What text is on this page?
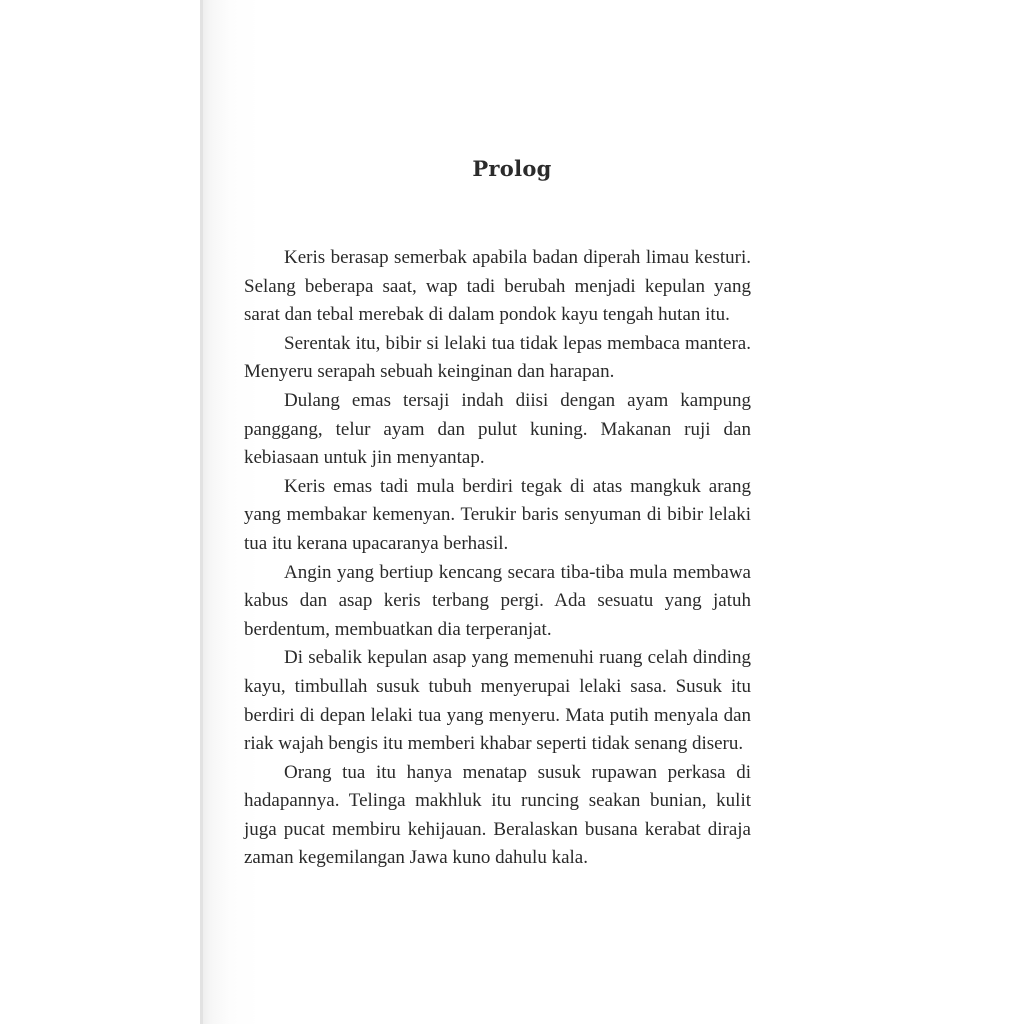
Prolog

Keris berasap semerbak apabila badan diperah limau kesturi. Selang beberapa saat, wap tadi berubah menjadi kepulan yang sarat dan tebal merebak di dalam pondok kayu tengah hutan itu.

Serentak itu, bibir si lelaki tua tidak lepas membaca mantera. Menyeru serapah sebuah keinginan dan harapan.

Dulang emas tersaji indah diisi dengan ayam kampung panggang, telur ayam dan pulut kuning. Makanan ruji dan kebiasaan untuk jin menyantap.

Keris emas tadi mula berdiri tegak di atas mangkuk arang yang membakar kemenyan. Terukir baris senyuman di bibir lelaki tua itu kerana upacaranya berhasil.

Angin yang bertiup kencang secara tiba-tiba mula membawa kabus dan asap keris terbang pergi. Ada sesuatu yang jatuh berdentum, membuatkan dia terperanjat.

Di sebalik kepulan asap yang memenuhi ruang celah dinding kayu, timbullah susuk tubuh menyerupai lelaki sasa. Susuk itu berdiri di depan lelaki tua yang menyeru. Mata putih menyala dan riak wajah bengis itu memberi khabar seperti tidak senang diseru.

Orang tua itu hanya menatap susuk rupawan perkasa di hadapannya. Telinga makhluk itu runcing seakan bunian, kulit juga pucat membiru kehijauan. Beralaskan busana kerabat diraja zaman kegemilangan Jawa kuno dahulu kala.
